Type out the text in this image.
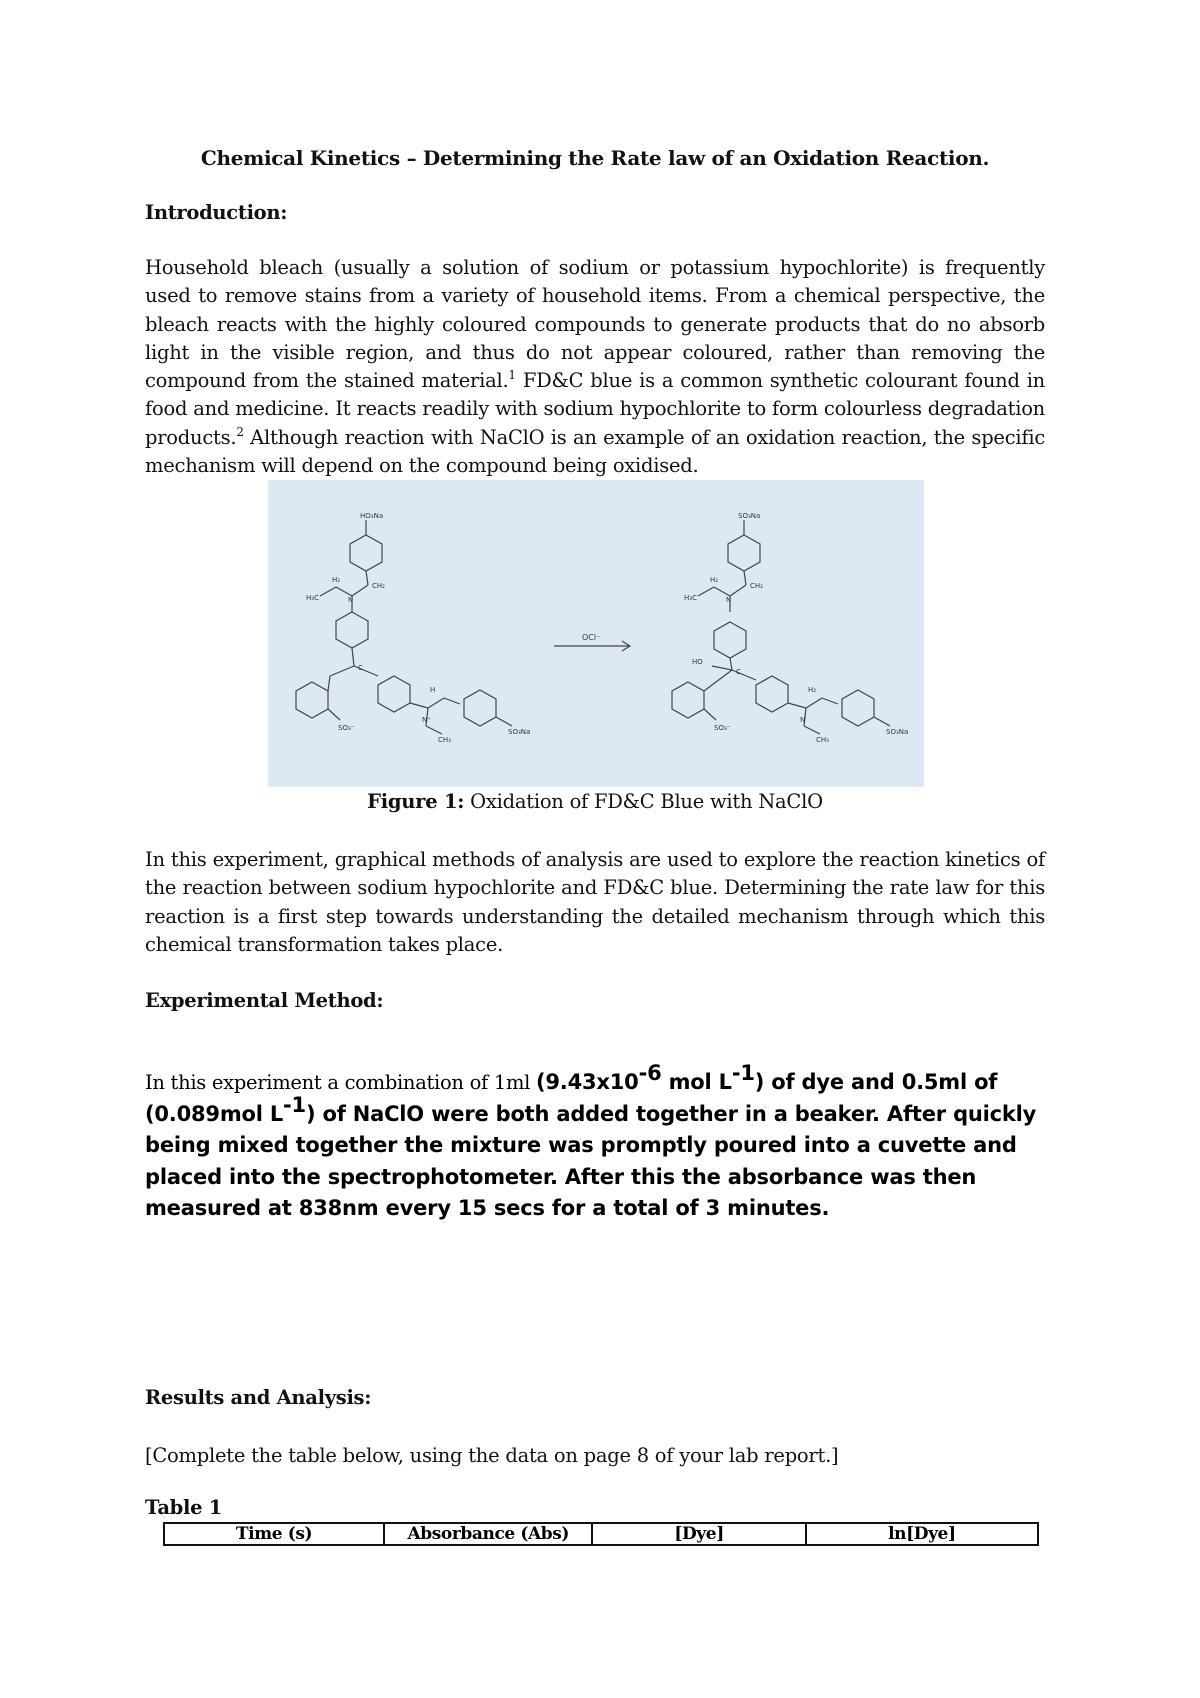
Chemical Kinetics – Determining the Rate law of an Oxidation Reaction.
Introduction:
Household bleach (usually a solution of sodium or potassium hypochlorite) is frequently used to remove stains from a variety of household items. From a chemical perspective, the bleach reacts with the highly coloured compounds to generate products that do no absorb light in the visible region, and thus do not appear coloured, rather than removing the compound from the stained material.$^1$ FD&C blue is a common synthetic colourant found in food and medicine. It reacts readily with sodium hypochlorite to form colourless degradation products.$^2$ Although reaction with NaClO is an example of an oxidation reaction, the specific mechanism will depend on the compound being oxidised.
HO₃Na
H₂
CH₂
H₃C	N
C
SO₃⁻
H
N⁺
CH₃
SO₃Na
OCl⁻
SO₃Na
H₂
CH₂
H₃C	N
HO
C
SO₃⁻
H₂
N
CH₃
SO₃Na
Figure 1: Oxidation of FD&C Blue with NaClO
In this experiment, graphical methods of analysis are used to explore the reaction kinetics of the reaction between sodium hypochlorite and FD&C blue. Determining the rate law for this reaction is a first step towards understanding the detailed mechanism through which this chemical transformation takes place.
Experimental Method:
In this experiment a combination of 1ml ($9.43x10^{-6}$ mol $L^{-1}$) of dye and 0.5ml of (0.089mol $L^{-1}$) of NaClO were both added together in a beaker. After quickly being mixed together the mixture was promptly poured into a cuvette and placed into the spectrophotometer. After this the absorbance was then measured at 838nm every 15 secs for a total of 3 minutes.
Results and Analysis:
[Complete the table below, using the data on page 8 of your lab report.]
Table 1
Time (s)	Absorbance (Abs)	[Dye]	ln[Dye]
